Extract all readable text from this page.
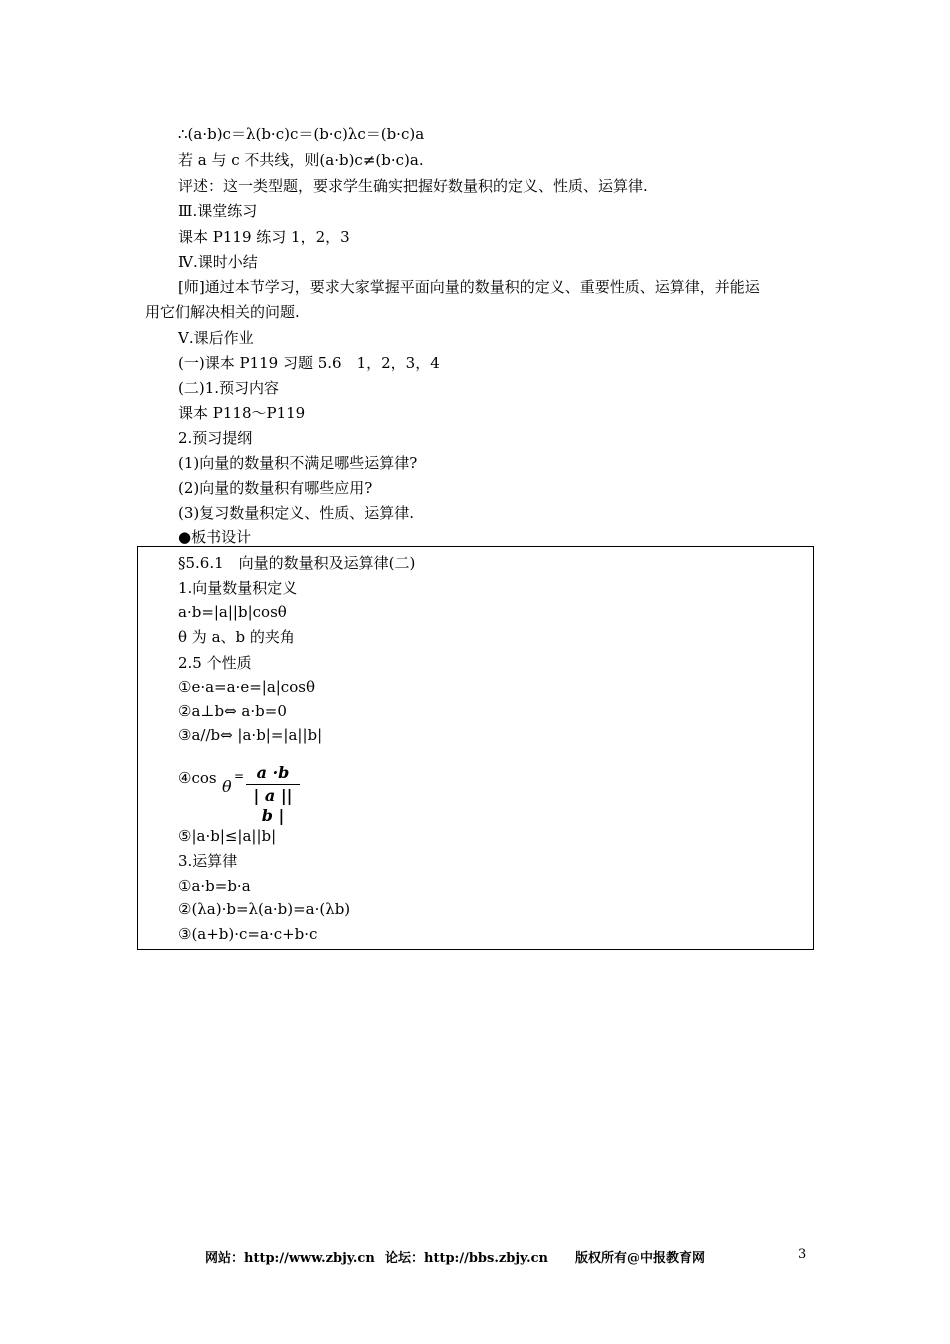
∴(a·b)c＝λ(b·c)c＝(b·c)λc＝(b·c)a
若 a 与 c 不共线，则(a·b)c≠(b·c)a.
评述：这一类型题，要求学生确实把握好数量积的定义、性质、运算律.
Ⅲ.课堂练习
课本 P119 练习 1，2，3
Ⅳ.课时小结
[师]通过本节学习，要求大家掌握平面向量的数量积的定义、重要性质、运算律，并能运
用它们解决相关的问题.
Ⅴ.课后作业
(一)课本 P119 习题 5.6　1，2，3，4
(二)1.预习内容
课本 P118～P119
2.预习提纲
(1)向量的数量积不满足哪些运算律?
(2)向量的数量积有哪些应用?
(3)复习数量积定义、性质、运算律.
●板书设计
§5.6.1　向量的数量积及运算律(二)
1.向量数量积定义
a·b=|a||b|cosθ
θ 为 a、b 的夹角
2.5 个性质
①e·a=a·e=|a|cosθ
②a⊥b⇔ a·b=0
③a//b⇔ |a·b|=|a||b|
④cos =
θ
a ·b
| a || b |
⑤|a·b|≤|a||b|
3.运算律
①a·b=b·a
②(λa)·b=λ(a·b)=a·(λb)
③(a+b)·c=a·c+b·c
网站：http://www.zbjy.cn 论坛：http://bbs.zbjy.cn 版权所有@中报教育网	3
